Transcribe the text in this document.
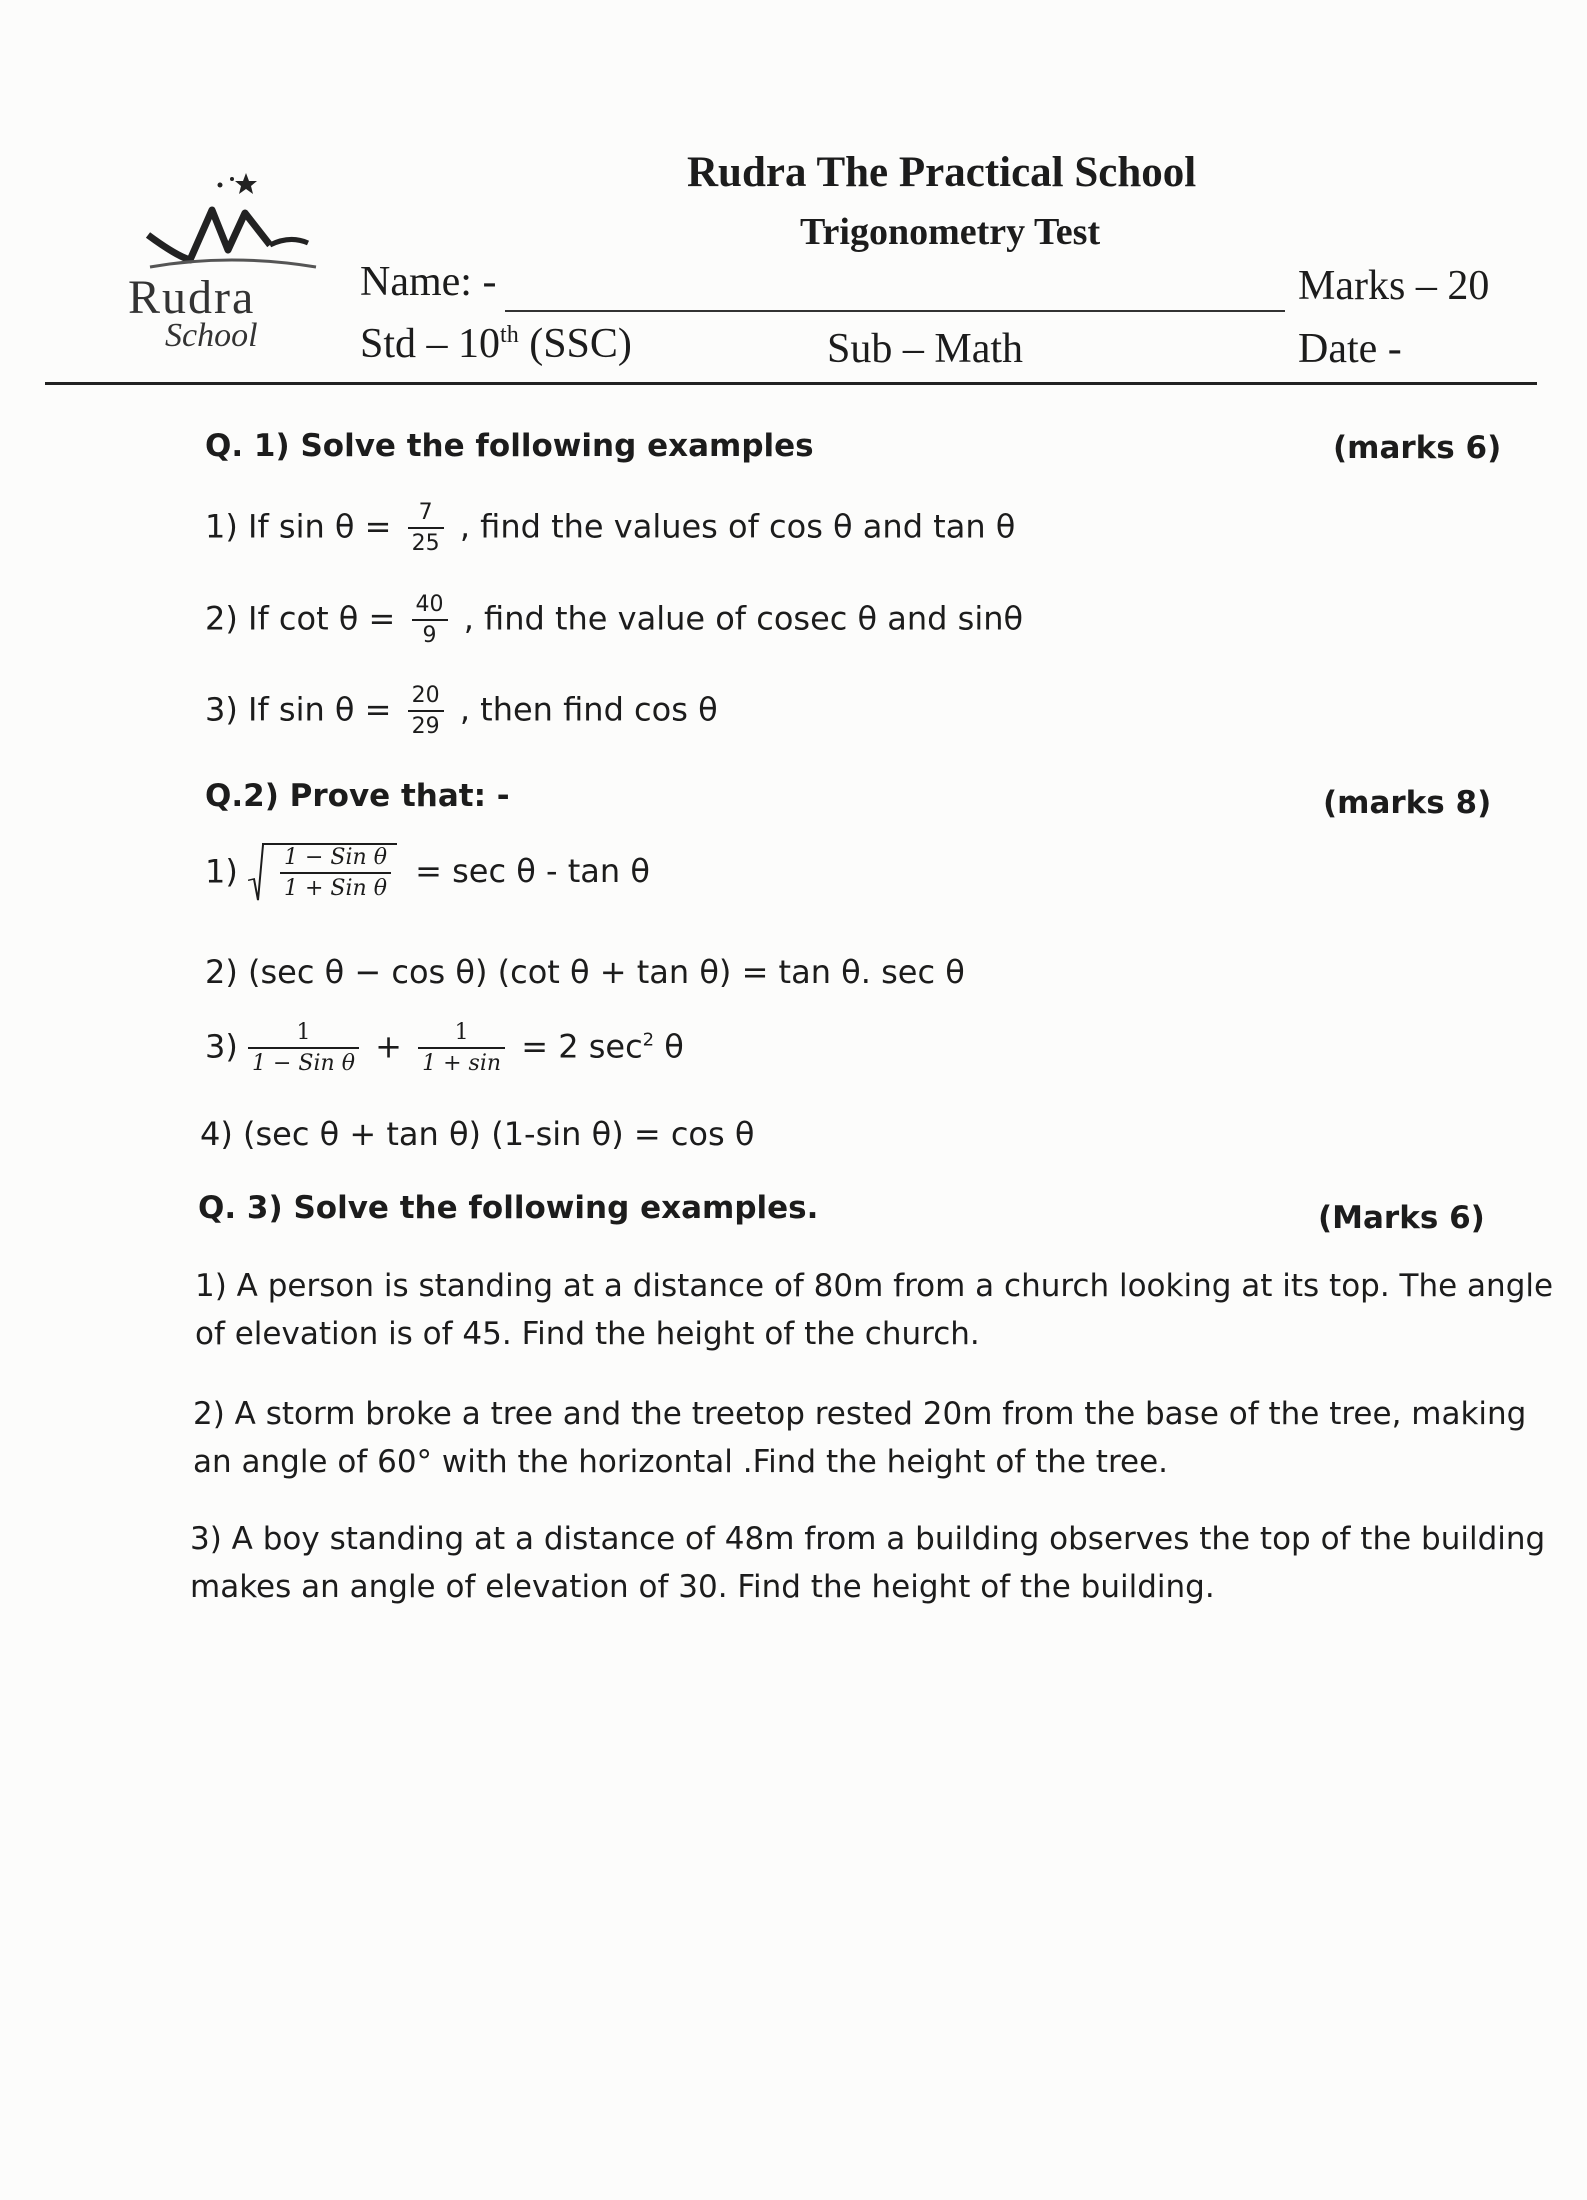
Rudra
School
Rudra The Practical School
Trigonometry Test
Name: -	Marks – 20
Std – 10th (SSC)	Sub – Math	Date -
Q. 1) Solve the following examples	(marks 6)
1) If $\sin \theta = \frac{7}{25}$ , find the values of cos θ and tan θ
2) If $\cot \theta = \frac{40}{9}$ , find the value of cosec θ and sinθ
3) If $\sin \theta = \frac{20}{29}$ , then find cos θ
Q.2) Prove that: -	(marks 8)
$1) \frac{\text{1 − Sin θ}}{\text{1 + Sin θ}} = \sec \theta - \tan \theta$
2) (sec θ − cos θ) (cot θ + tan θ) = tan θ. sec θ
$3) \frac{1}{\text{1 − Sin θ}} + \frac{1}{1 + \sin} = 2$ $\sec^2 \theta$
4) (sec θ + tan θ) (1-sin θ) = cos θ
Q. 3) Solve the following examples.	(Marks 6)
1) A person is standing at a distance of 80m from a church looking at its top. The angle of elevation is of 45. Find the height of the church.
2) A storm broke a tree and the treetop rested 20m from the base of the tree, making an angle of 60° with the horizontal .Find the height of the tree.
3) A boy standing at a distance of 48m from a building observes the top of the building makes an angle of elevation of 30. Find the height of the building.
